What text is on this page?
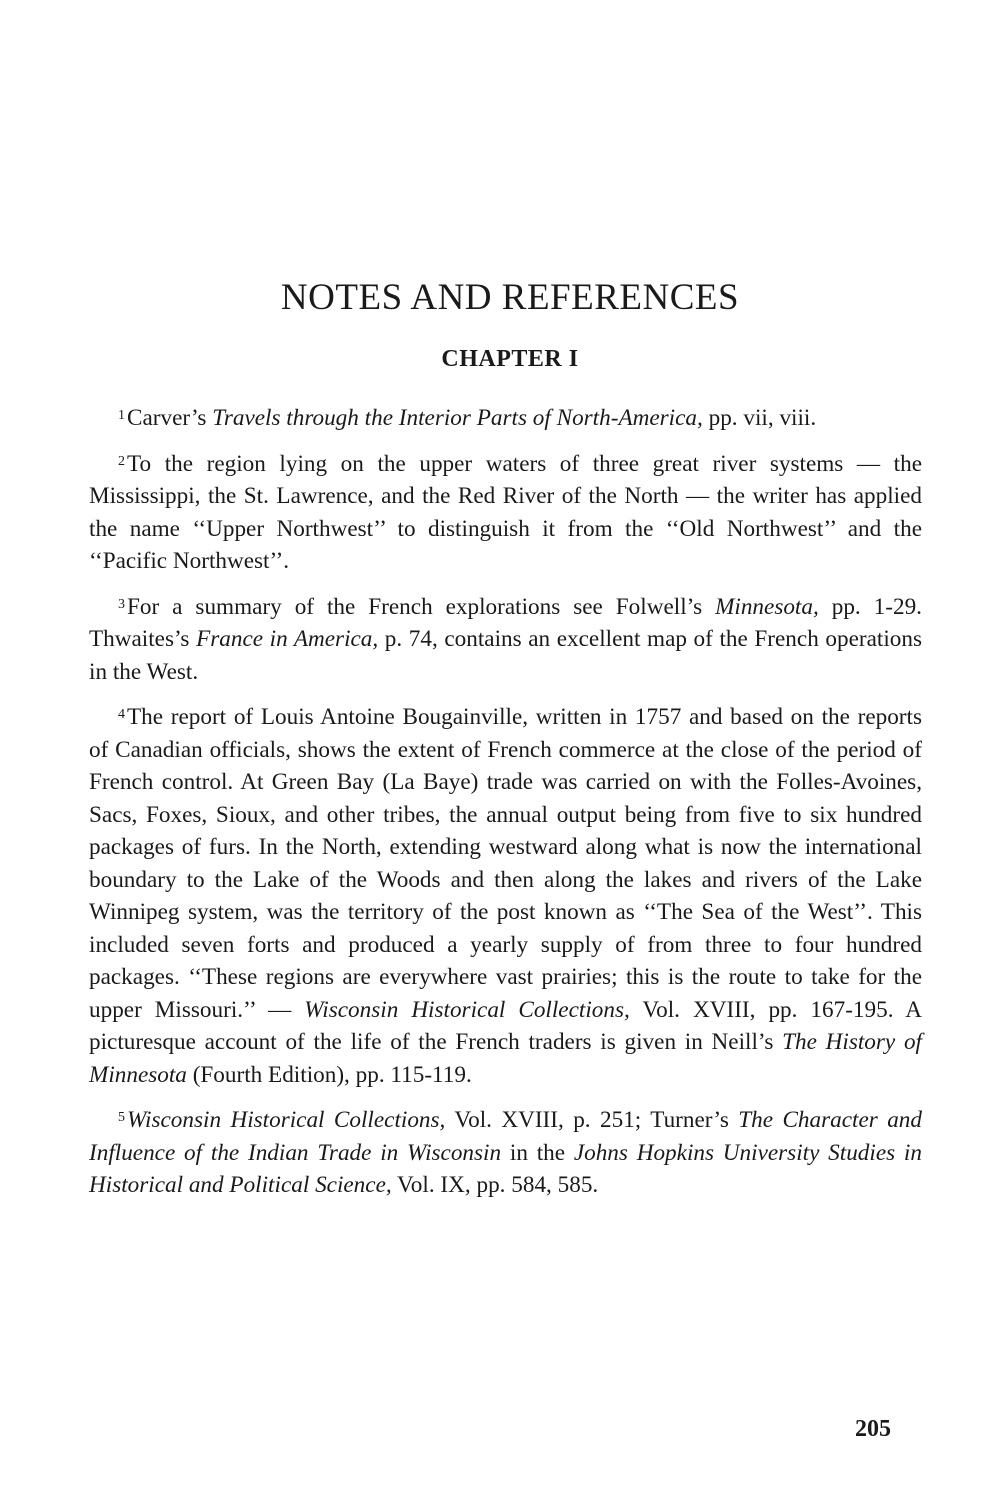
NOTES AND REFERENCES
CHAPTER I

$^1$Carver’s Travels through the Interior Parts of North-America, pp. vii, viii.

$^2$To the region lying on the upper waters of three great river systems — the Mississippi, the St. Lawrence, and the Red River of the North — the writer has applied the name ‘‘Upper Northwest’’ to distinguish it from the ‘‘Old Northwest’’ and the ‘‘Pacific Northwest’’.

$^3$For a summary of the French explorations see Folwell’s Minnesota, pp. 1-29. Thwaites’s France in America, p. 74, contains an excellent map of the French operations in the West.

$^4$The report of Louis Antoine Bougainville, written in 1757 and based on the reports of Canadian officials, shows the extent of French commerce at the close of the period of French control. At Green Bay (La Baye) trade was carried on with the Folles-Avoines, Sacs, Foxes, Sioux, and other tribes, the annual output being from five to six hundred packages of furs. In the North, extending westward along what is now the international boundary to the Lake of the Woods and then along the lakes and rivers of the Lake Winnipeg system, was the territory of the post known as ‘‘The Sea of the West’’. This included seven forts and produced a yearly supply of from three to four hundred packages. ‘‘These regions are everywhere vast prairies; this is the route to take for the upper Missouri.’’ — Wisconsin Historical Collections, Vol. XVIII, pp. 167-195. A picturesque account of the life of the French traders is given in Neill’s The History of Minnesota (Fourth Edition), pp. 115-119.

$^5$Wisconsin Historical Collections, Vol. XVIII, p. 251; Turner’s The Character and Influence of the Indian Trade in Wisconsin in the Johns Hopkins University Studies in Historical and Political Science, Vol. IX, pp. 584, 585.

205
